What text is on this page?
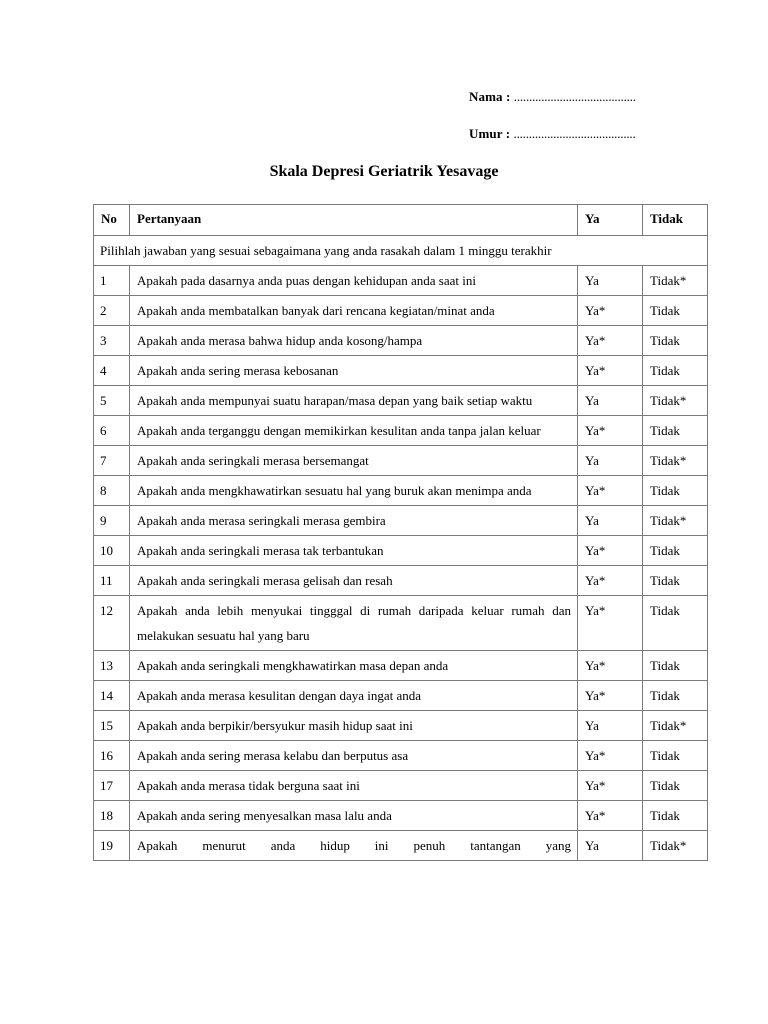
Nama : ........................................
Umur : ........................................
Skala Depresi Geriatrik Yesavage
No	Pertanyaan	Ya	Tidak
Pilihlah jawaban yang sesuai sebagaimana yang anda rasakah dalam 1 minggu terakhir			
1	Apakah pada dasarnya anda puas dengan kehidupan anda saat ini	Ya	Tidak*
2	Apakah anda membatalkan banyak dari rencana kegiatan/minat anda	Ya*	Tidak
3	Apakah anda merasa bahwa hidup anda kosong/hampa	Ya*	Tidak
4	Apakah anda sering merasa kebosanan	Ya*	Tidak
5	Apakah anda mempunyai suatu harapan/masa depan yang baik setiap waktu	Ya	Tidak*
6	Apakah anda terganggu dengan memikirkan kesulitan anda tanpa jalan keluar	Ya*	Tidak
7	Apakah anda seringkali merasa bersemangat	Ya	Tidak*
8	Apakah anda mengkhawatirkan sesuatu hal yang buruk akan menimpa anda	Ya*	Tidak
9	Apakah anda merasa seringkali merasa gembira	Ya	Tidak*
10	Apakah anda seringkali merasa tak terbantukan	Ya*	Tidak
11	Apakah anda seringkali merasa gelisah dan resah	Ya*	Tidak
12	Apakah anda lebih menyukai tingggal di rumah daripada keluar rumah dan melakukan sesuatu hal yang baru	Ya*	Tidak
13	Apakah anda seringkali mengkhawatirkan masa depan anda	Ya*	Tidak
14	Apakah anda merasa kesulitan dengan daya ingat anda	Ya*	Tidak
15	Apakah anda berpikir/bersyukur masih hidup saat ini	Ya	Tidak*
16	Apakah anda sering merasa kelabu dan berputus asa	Ya*	Tidak
17	Apakah anda merasa tidak berguna saat ini	Ya*	Tidak
18	Apakah anda sering menyesalkan masa lalu anda	Ya*	Tidak
19	Apakah menurut anda hidup ini penuh tantangan yang	Ya	Tidak*
